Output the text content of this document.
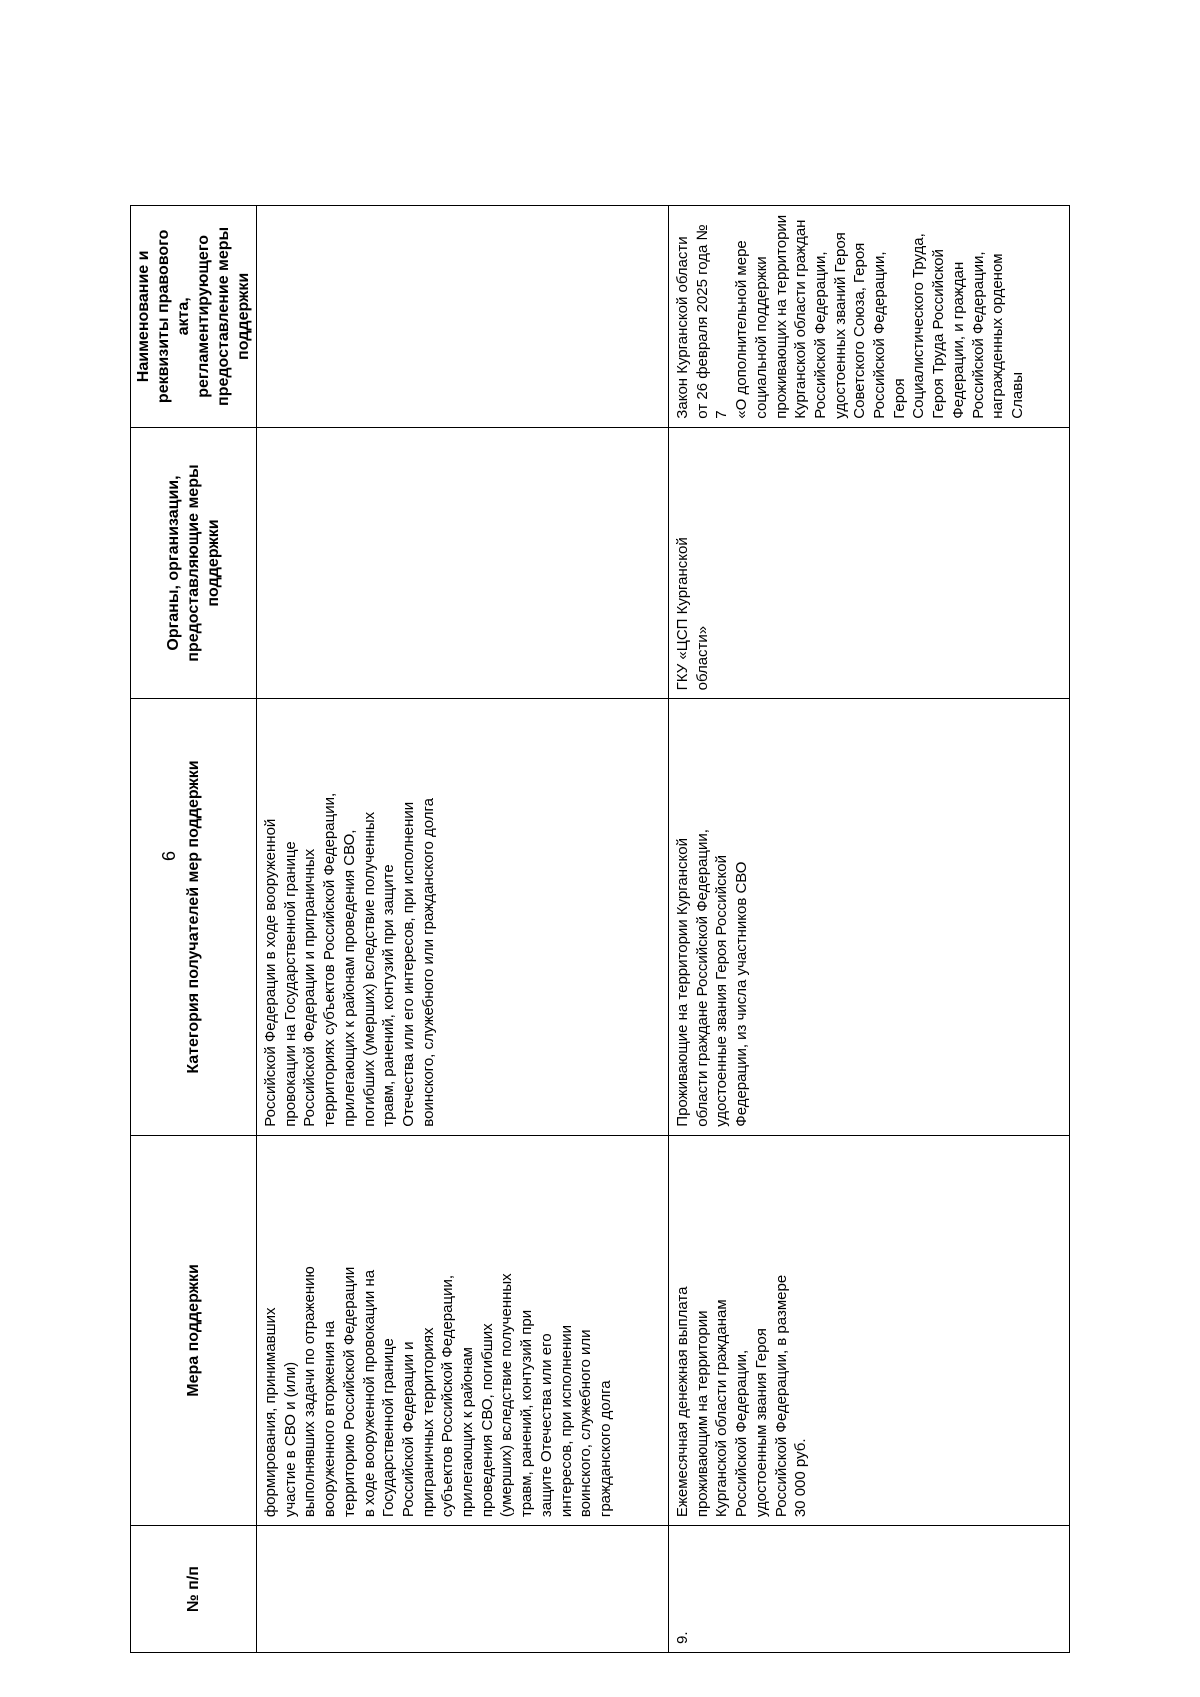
6
№ п/п
Мера поддержки
Категория получателей мер поддержки
Органы, организации, предоставляющие меры поддержки
Наименование и реквизиты правового акта, регламентирующего предоставление меры поддержки
формирования, принимавших
участие в СВО и (или)
выполнявших задачи по отражению
вооруженного вторжения на
территорию Российской Федерации
в ходе вооруженной провокации на
Государственной границе
Российской Федерации и
приграничных территориях
субъектов Российской Федерации,
прилегающих к районам
проведения СВО, погибших
(умерших) вследствие полученных
травм, ранений, контузий при
защите Отечества или его
интересов, при исполнении
воинского, служебного или
гражданского долга
Российской Федерации в ходе вооруженной
провокации на Государственной границе
Российской Федерации и приграничных
территориях субъектов Российской Федерации,
прилегающих к районам проведения СВО,
погибших (умерших) вследствие полученных
травм, ранений, контузий при защите
Отечества или его интересов, при исполнении
воинского, служебного или гражданского долга
9.
Ежемесячная денежная выплата
проживающим на территории
Курганской области гражданам
Российской Федерации,
удостоенным звания Героя
Российской Федерации, в размере
30 000 руб.
Проживающие на территории Курганской
области граждане Российской Федерации,
удостоенные звания Героя Российской
Федерации, из числа участников СВО
ГКУ «ЦСП Курганской
области»
Закон Курганской области
от 26 февраля 2025 года № 7
«О дополнительной мере
социальной поддержки
проживающих на территории
Курганской области граждан
Российской Федерации,
удостоенных званий Героя
Советского Союза, Героя
Российской Федерации, Героя
Социалистического Труда,
Героя Труда Российской
Федерации, и граждан
Российской Федерации,
награжденных орденом Славы
